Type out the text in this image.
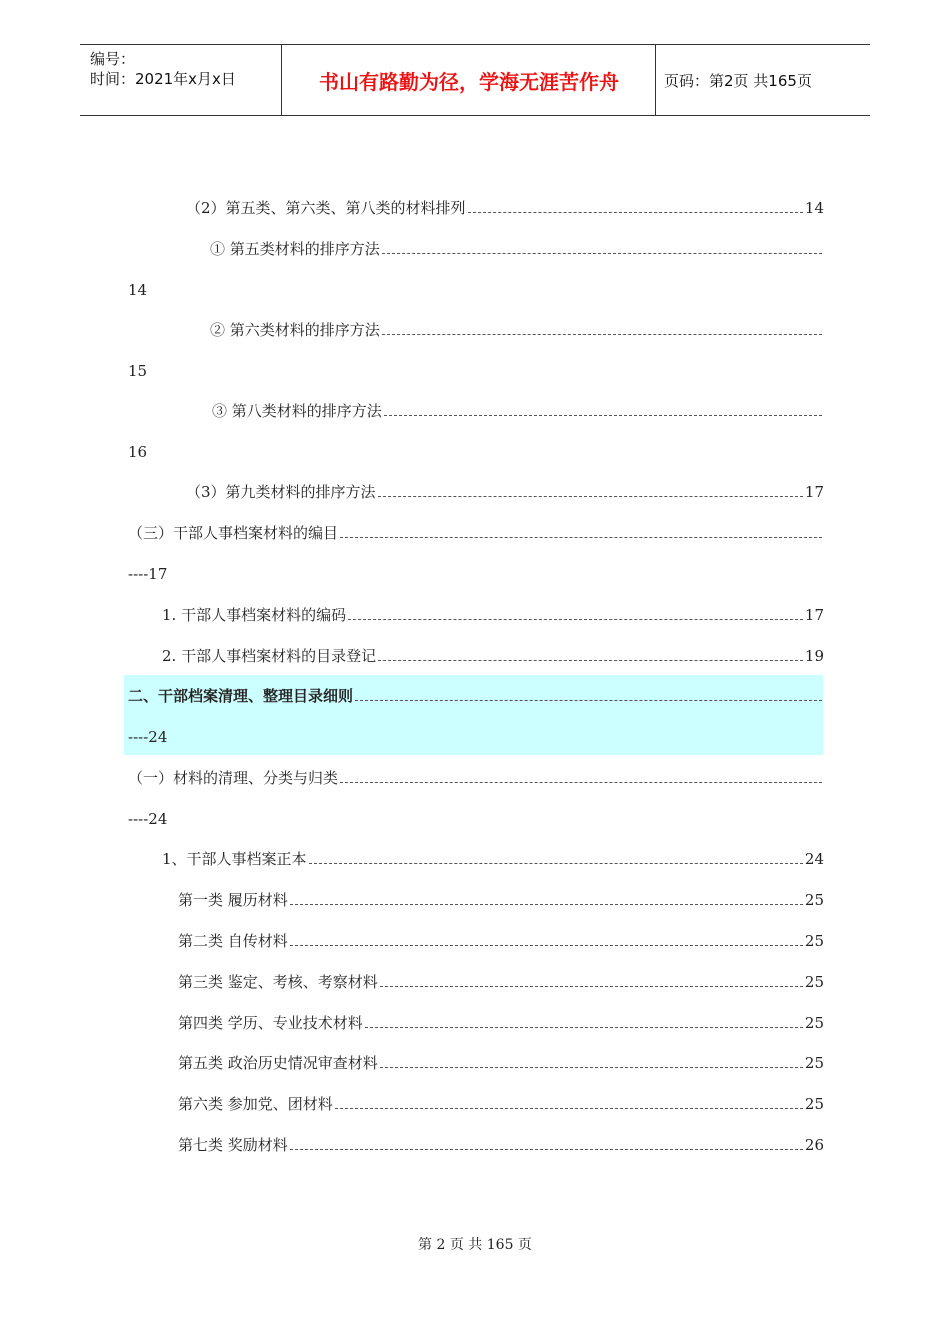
编号：
时间：2021年x月x日	书山有路勤为径，学海无涯苦作舟	页码：第2页 共165页
（2）第五类、第六类、第八类的材料排列	14
① 第五类材料的排序方法
14
② 第六类材料的排序方法
15
③ 第八类材料的排序方法
16
（3）第九类材料的排序方法	17
（三）干部人事档案材料的编目
----17
1. 干部人事档案材料的编码	17
2. 干部人事档案材料的目录登记	19
二、干部档案清理、整理目录细则
----24
（一）材料的清理、分类与归类
----24
1、干部人事档案正本	24
第一类 履历材料	25
第二类 自传材料	25
第三类 鉴定、考核、考察材料	25
第四类 学历、专业技术材料	25
第五类 政治历史情况审查材料	25
第六类 参加党、团材料	25
第七类 奖励材料	26
第 2 页 共 165 页
